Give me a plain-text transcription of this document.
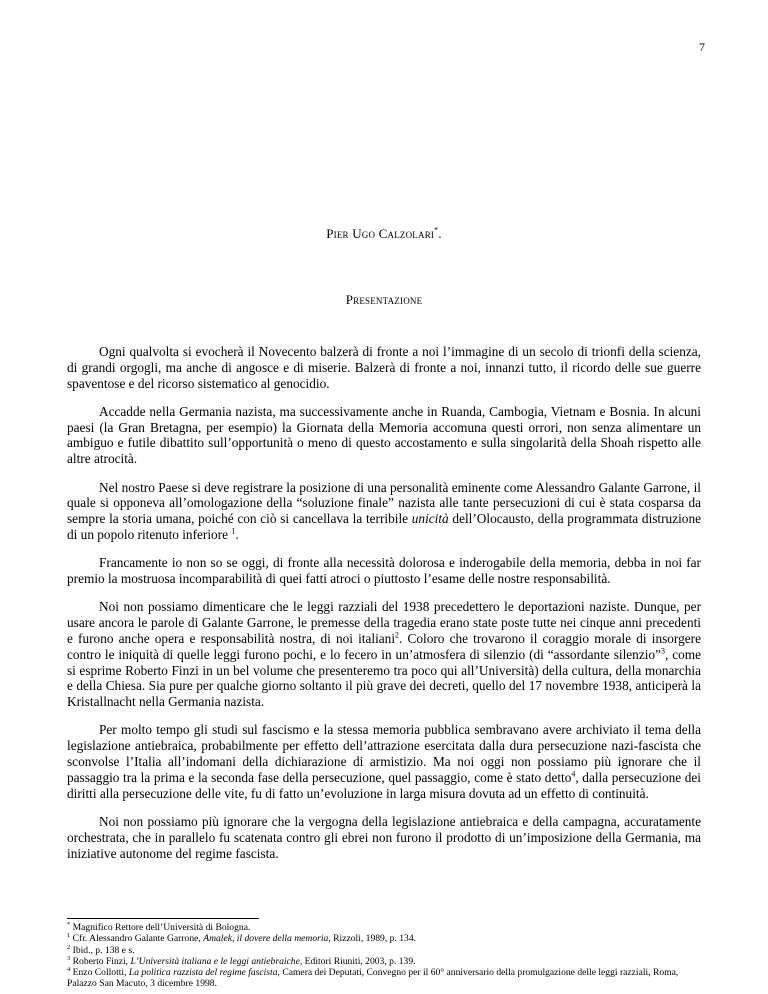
7
Pier Ugo Calzolari*.
Presentazione

Ogni qualvolta si evocherà il Novecento balzerà di fronte a noi l’immagine di un secolo di trionfi della scienza, di grandi orgogli, ma anche di angosce e di miserie. Balzerà di fronte a noi, innanzi tutto, il ricordo delle sue guerre spaventose e del ricorso sistematico al genocidio.

Accadde nella Germania nazista, ma successivamente anche in Ruanda, Cambogia, Vietnam e Bosnia. In alcuni paesi (la Gran Bretagna, per esempio) la Giornata della Memoria accomuna questi orrori, non senza alimentare un ambiguo e futile dibattito sull’opportunità o meno di questo accostamento e sulla singolarità della Shoah rispetto alle altre atrocità.

Nel nostro Paese si deve registrare la posizione di una personalità eminente come Alessandro Galante Garrone, il quale si opponeva all’omologazione della “soluzione finale” nazista alle tante persecuzioni di cui è stata cosparsa da sempre la storia umana, poiché con ciò si cancellava la terribile unicità dell’Olocausto, della programmata distruzione di un popolo ritenuto inferiore $^1$.

Francamente io non so se oggi, di fronte alla necessità dolorosa e inderogabile della memoria, debba in noi far premio la mostruosa incomparabilità di quei fatti atroci o piuttosto l’esame delle nostre responsabilità.

Noi non possiamo dimenticare che le leggi razziali del 1938 precedettero le deportazioni naziste. Dunque, per usare ancora le parole di Galante Garrone, le premesse della tragedia erano state poste tutte nei cinque anni precedenti e furono anche opera e responsabilità nostra, di noi italiani$^2$. Coloro che trovarono il coraggio morale di insorgere contro le iniquità di quelle leggi furono pochi, e lo fecero in un’atmosfera di silenzio (di “assordante silenzio”$^3$, come si esprime Roberto Finzi in un bel volume che presenteremo tra poco qui all’Università) della cultura, della monarchia e della Chiesa. Sia pure per qualche giorno soltanto il più grave dei decreti, quello del 17 novembre 1938, anticiperà la Kristallnacht nella Germania nazista.

Per molto tempo gli studi sul fascismo e la stessa memoria pubblica sembravano avere archiviato il tema della legislazione antiebraica, probabilmente per effetto dell’attrazione esercitata dalla dura persecuzione nazi-fascista che sconvolse l’Italia all’indomani della dichiarazione di armistizio. Ma noi oggi non possiamo più ignorare che il passaggio tra la prima e la seconda fase della persecuzione, quel passaggio, come è stato detto$^4$, dalla persecuzione dei diritti alla persecuzione delle vite, fu di fatto un’evoluzione in larga misura dovuta ad un effetto di continuità.

Noi non possiamo più ignorare che la vergogna della legislazione antiebraica e della campagna, accuratamente orchestrata, che in parallelo fu scatenata contro gli ebrei non furono il prodotto di un’imposizione della Germania, ma iniziative autonome del regime fascista.

* Magnifico Rettore dell’Università di Bologna.
$^1$ Cfr. Alessandro Galante Garrone, Amalek, il dovere della memoria, Rizzoli, 1989, p. 134.
$^2$ Ibid., p. 138 e s.
$^3$ Roberto Finzi, L’Università italiana e le leggi antiebraiche, Editori Riuniti, 2003, p. 139.
$^4$ Enzo Collotti, La politica razzista del regime fascista, Camera dei Deputati, Convegno per il 60° anniversario della promulgazione delle leggi razziali, Roma, Palazzo San Macuto, 3 dicembre 1998.
